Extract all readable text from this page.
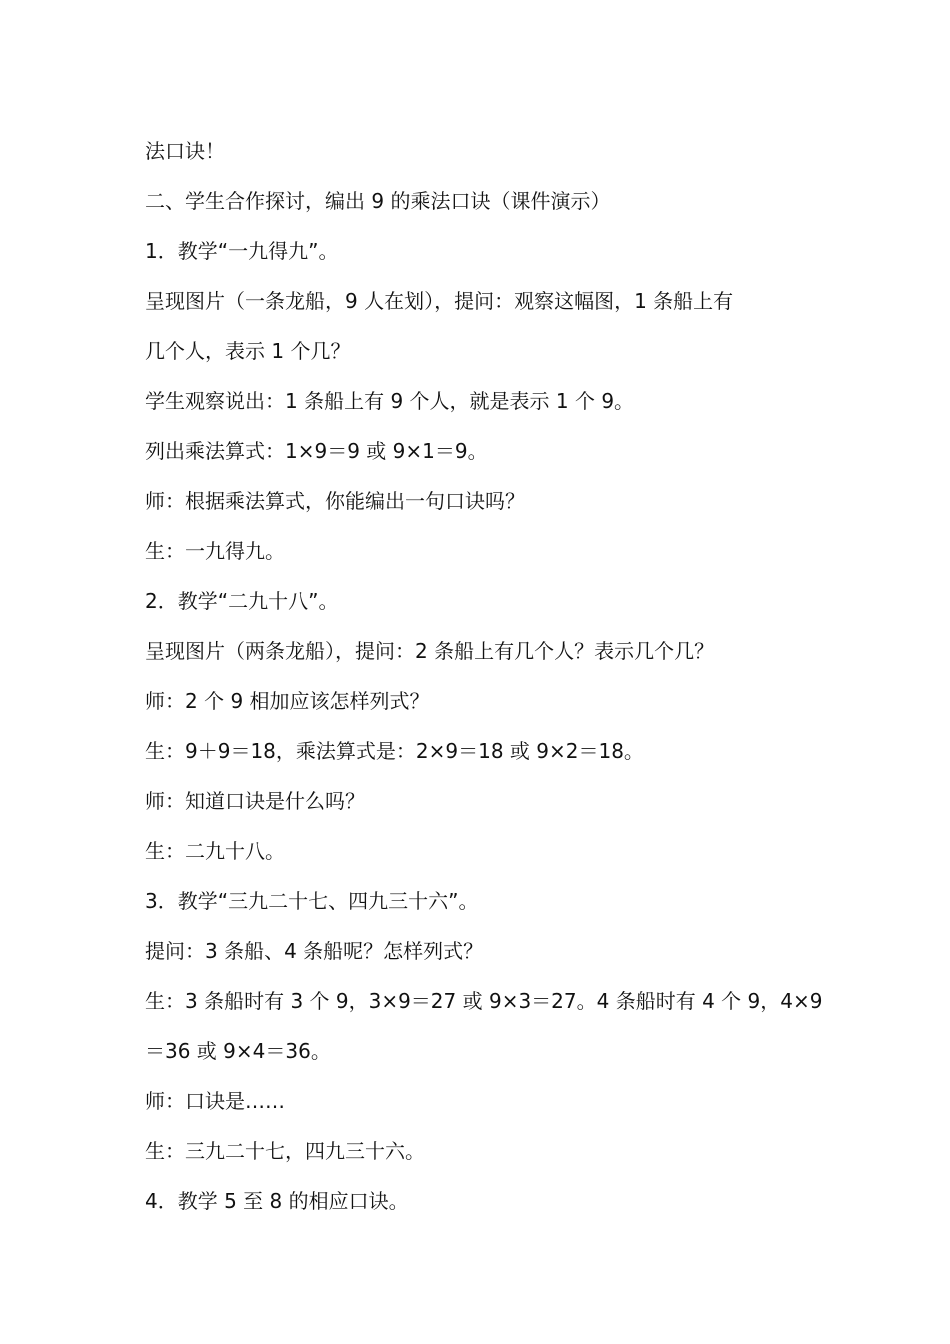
法口诀！
二、学生合作探讨，编出 9 的乘法口诀（课件演示）
1．教学“一九得九”。
呈现图片（一条龙船，9 人在划），提问：观察这幅图，1 条船上有
几个人，表示 1 个几？
学生观察说出：1 条船上有 9 个人，就是表示 1 个 9。
列出乘法算式：1×9＝9 或 9×1＝9。
师：根据乘法算式，你能编出一句口诀吗？
生：一九得九。
2．教学“二九十八”。
呈现图片（两条龙船），提问：2 条船上有几个人？表示几个几？
师：2 个 9 相加应该怎样列式？
生：9＋9＝18，乘法算式是：2×9＝18 或 9×2＝18。
师：知道口诀是什么吗？
生：二九十八。
3．教学“三九二十七、四九三十六”。
提问：3 条船、4 条船呢？怎样列式？
生：3 条船时有 3 个 9，3×9＝27 或 9×3＝27。4 条船时有 4 个 9，4×9
＝36 或 9×4＝36。
师：口诀是……
生：三九二十七，四九三十六。
4．教学 5 至 8 的相应口诀。
